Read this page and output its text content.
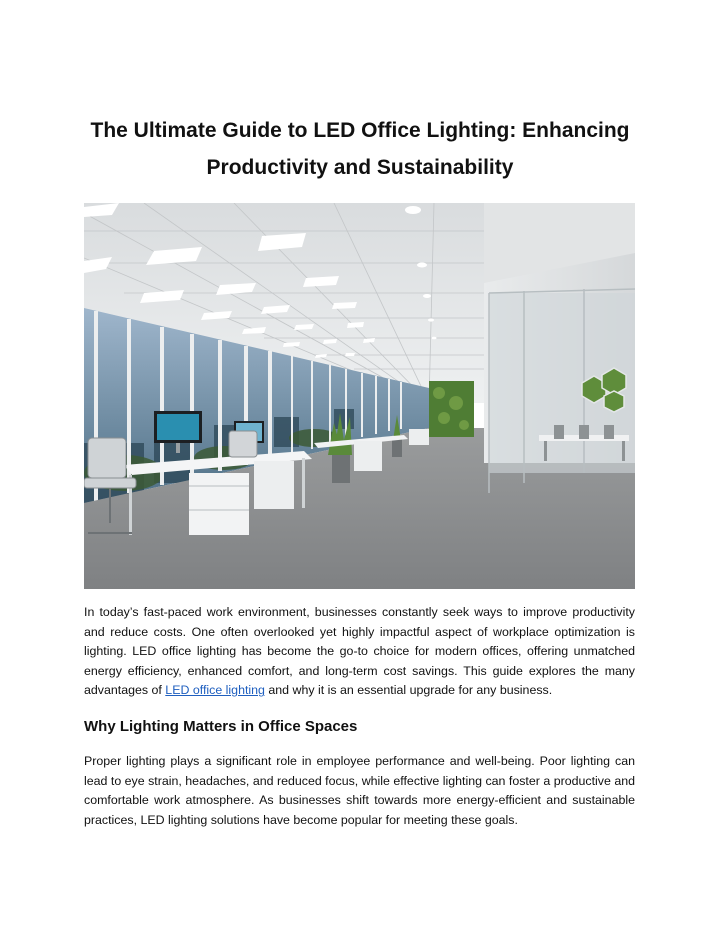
The Ultimate Guide to LED Office Lighting: Enhancing
Productivity and Sustainability

In today’s fast-paced work environment, businesses constantly seek ways to improve productivity and reduce costs. One often overlooked yet highly impactful aspect of workplace optimization is lighting. LED office lighting has become the go-to choice for modern offices, offering unmatched energy efficiency, enhanced comfort, and long-term cost savings. This guide explores the many advantages of LED office lighting and why it is an essential upgrade for any business.

Why Lighting Matters in Office Spaces

Proper lighting plays a significant role in employee performance and well-being. Poor lighting can lead to eye strain, headaches, and reduced focus, while effective lighting can foster a productive and comfortable work atmosphere. As businesses shift towards more energy-efficient and sustainable practices, LED lighting solutions have become popular for meeting these goals.
